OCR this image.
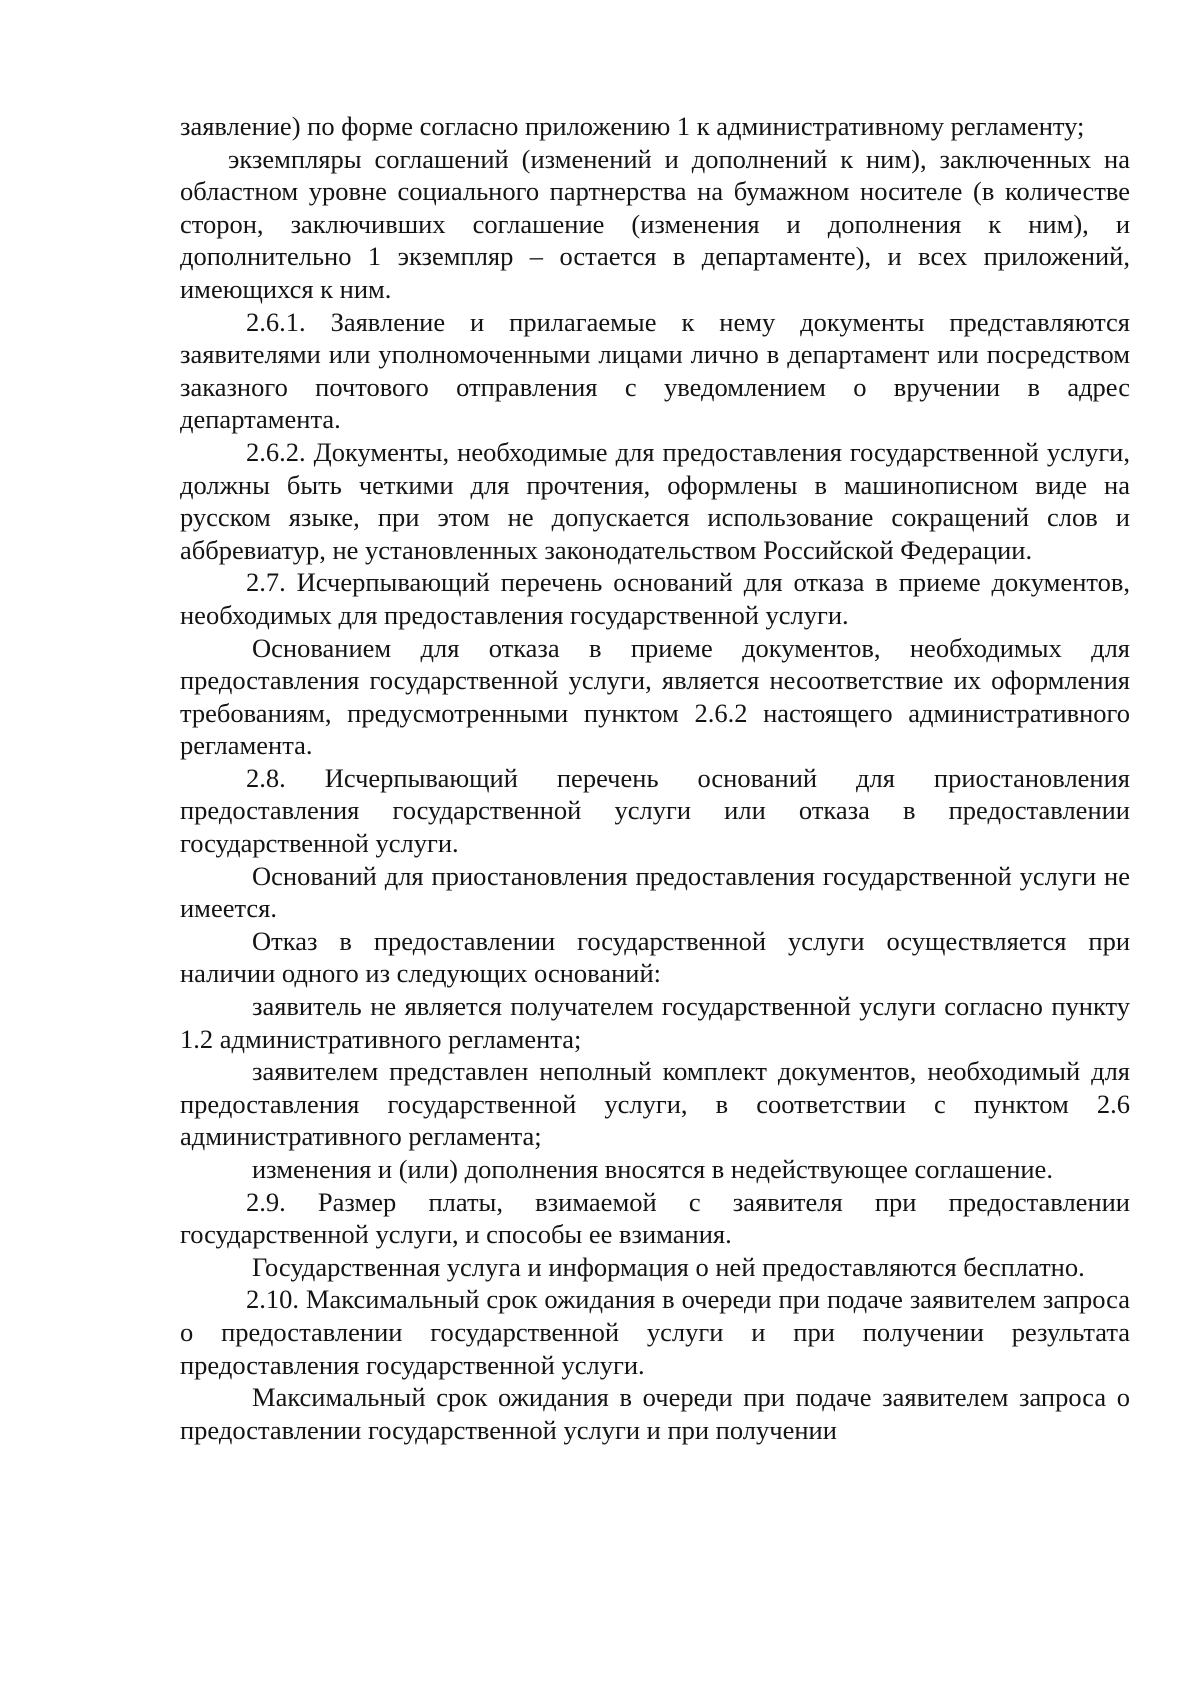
заявление) по форме согласно приложению 1 к административному регламенту;

экземпляры соглашений (изменений и дополнений к ним), заключенных на областном уровне социального партнерства на бумажном носителе (в количестве сторон, заключивших соглашение (изменения и дополнения к ним), и дополнительно 1 экземпляр – остается в департаменте), и всех приложений, имеющихся к ним.

2.6.1. Заявление и прилагаемые к нему документы представляются заявителями или уполномоченными лицами лично в департамент или посредством заказного почтового отправления с уведомлением о вручении в адрес департамента.

2.6.2. Документы, необходимые для предоставления государственной услуги, должны быть четкими для прочтения, оформлены в машинописном виде на русском языке, при этом не допускается использование сокращений слов и аббревиатур, не установленных законодательством Российской Федерации.

2.7. Исчерпывающий перечень оснований для отказа в приеме документов, необходимых для предоставления государственной услуги.

Основанием для отказа в приеме документов, необходимых для предоставления государственной услуги, является несоответствие их оформления требованиям, предусмотренными пунктом 2.6.2 настоящего административного регламента.

2.8. Исчерпывающий перечень оснований для приостановления предоставления государственной услуги или отказа в предоставлении государственной услуги.

Оснований для приостановления предоставления государственной услуги не имеется.

Отказ в предоставлении государственной услуги осуществляется при наличии одного из следующих оснований:

заявитель не является получателем государственной услуги согласно пункту 1.2 административного регламента;

заявителем представлен неполный комплект документов, необходимый для предоставления государственной услуги, в соответствии с пунктом 2.6 административного регламента;

изменения и (или) дополнения вносятся в недействующее соглашение.

2.9. Размер платы, взимаемой с заявителя при предоставлении государственной услуги, и способы ее взимания.

Государственная услуга и информация о ней предоставляются бесплатно.

2.10. Максимальный срок ожидания в очереди при подаче заявителем запроса о предоставлении государственной услуги и при получении результата предоставления государственной услуги.

Максимальный срок ожидания в очереди при подаче заявителем запроса о предоставлении государственной услуги и при получении
